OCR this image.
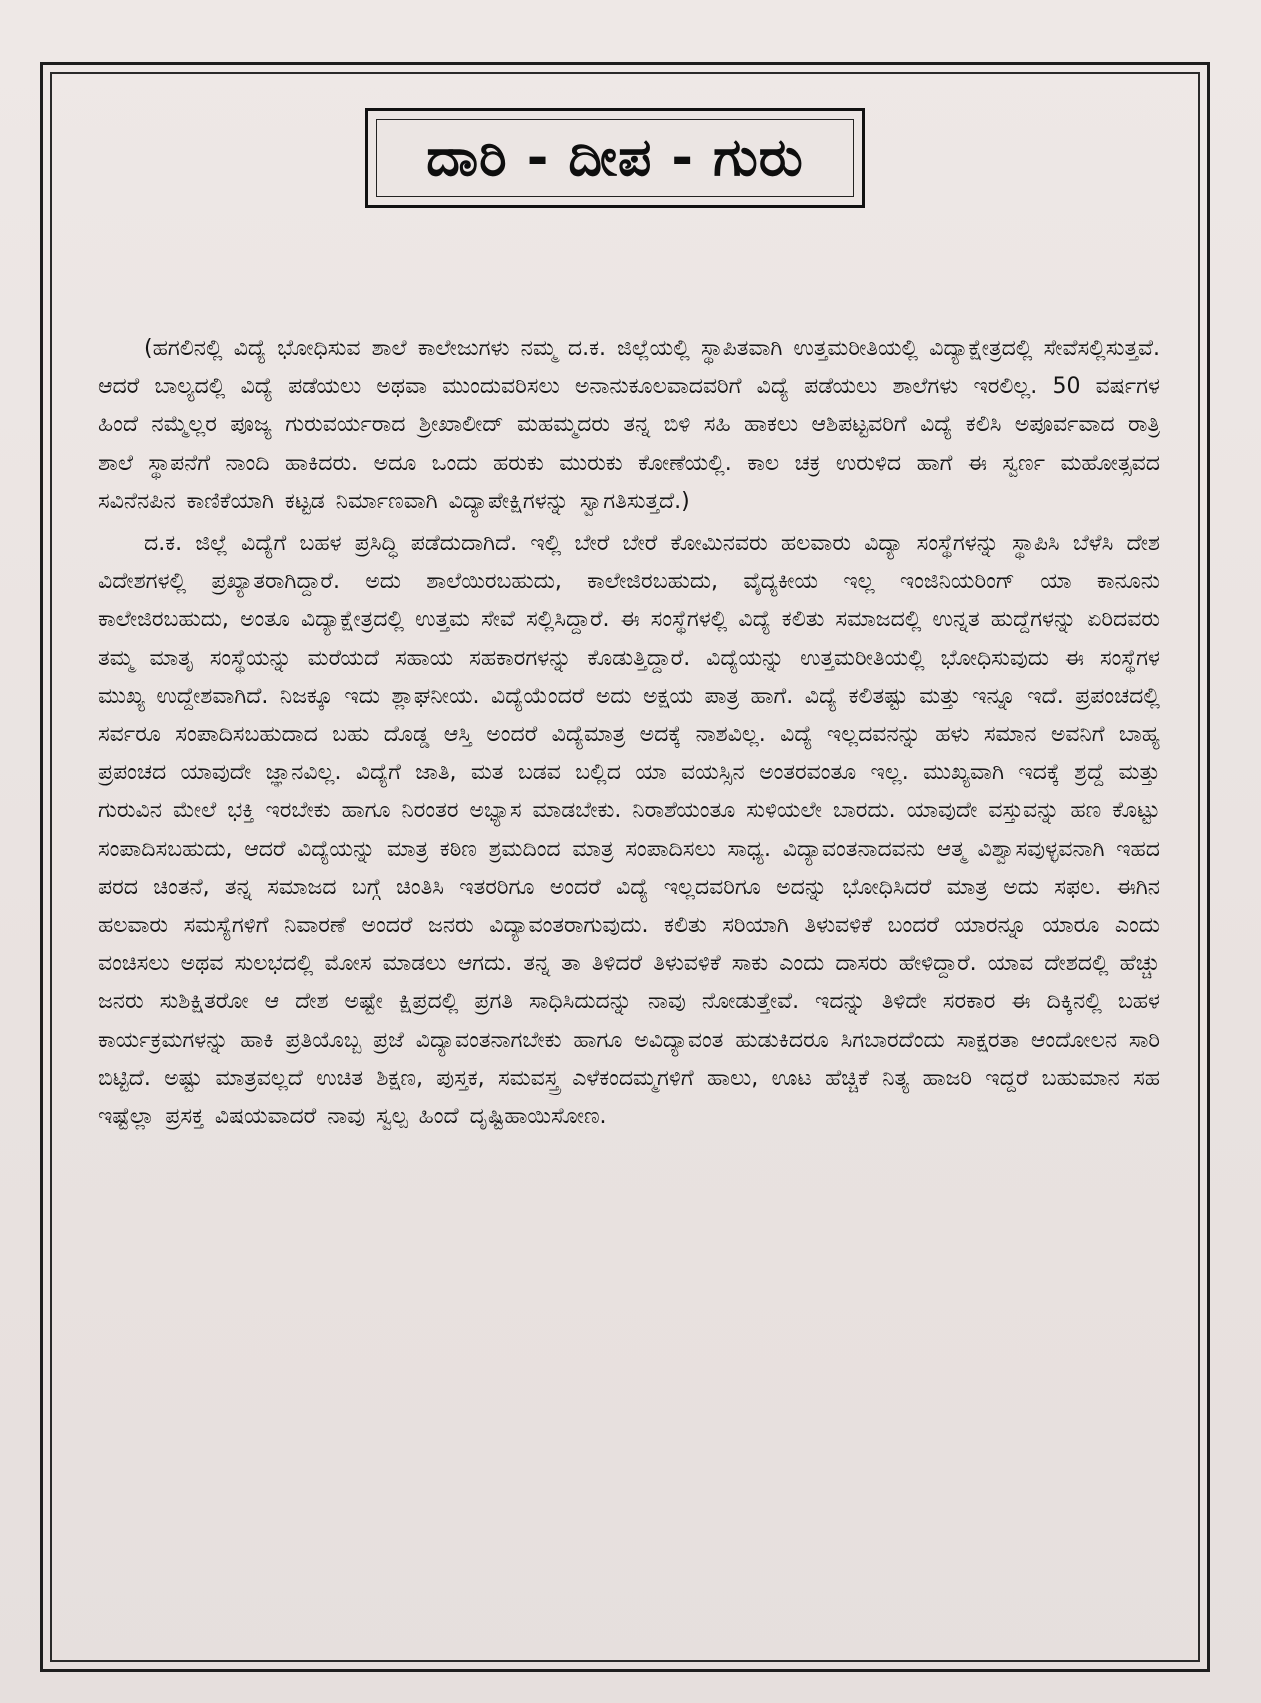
ದಾರಿ - ದೀಪ - ಗುರು

(ಹಗಲಿನಲ್ಲಿ ವಿದ್ಯೆ ಭೋಧಿಸುವ ಶಾಲೆ ಕಾಲೇಜುಗಳು ನಮ್ಮ ದ.ಕ. ಜಿಲ್ಲೆಯಲ್ಲಿ ಸ್ಥಾಪಿತವಾಗಿ ಉತ್ತಮರೀತಿಯಲ್ಲಿ ವಿದ್ಯಾಕ್ಷೇತ್ರದಲ್ಲಿ ಸೇವೆಸಲ್ಲಿಸುತ್ತವೆ. ಆದರೆ ಬಾಲ್ಯದಲ್ಲಿ ವಿದ್ಯೆ ಪಡೆಯಲು ಅಥವಾ ಮುಂದುವರಿಸಲು ಅನಾನುಕೂಲವಾದವರಿಗೆ ವಿದ್ಯೆ ಪಡೆಯಲು ಶಾಲೆಗಳು ಇರಲಿಲ್ಲ. 50 ವರ್ಷಗಳ ಹಿಂದೆ ನಮ್ಮೆಲ್ಲರ ಪೂಜ್ಯ ಗುರುವರ್ಯರಾದ ಶ್ರೀಖಾಲೀದ್ ಮಹಮ್ಮದರು ತನ್ನ ಬಿಳಿ ಸಹಿ ಹಾಕಲು ಆಶಿಪಟ್ಟವರಿಗೆ ವಿದ್ಯೆ ಕಲಿಸಿ ಅಪೂರ್ವವಾದ ರಾತ್ರಿ ಶಾಲೆ ಸ್ಥಾಪನೆಗೆ ನಾಂದಿ ಹಾಕಿದರು. ಅದೂ ಒಂದು ಹರುಕು ಮುರುಕು ಕೋಣೆಯಲ್ಲಿ. ಕಾಲ ಚಕ್ರ ಉರುಳಿದ ಹಾಗೆ ಈ ಸ್ವರ್ಣ ಮಹೋತ್ಸವದ ಸವಿನೆನಪಿನ ಕಾಣಿಕೆಯಾಗಿ ಕಟ್ಟಡ ನಿರ್ಮಾಣವಾಗಿ ವಿದ್ಯಾಪೇಕ್ಷಿಗಳನ್ನು ಸ್ವಾಗತಿಸುತ್ತದೆ.)

ದ.ಕ. ಜಿಲ್ಲೆ ವಿದ್ಯೆಗೆ ಬಹಳ ಪ್ರಸಿದ್ಧಿ ಪಡೆದುದಾಗಿದೆ. ಇಲ್ಲಿ ಬೇರೆ ಬೇರೆ ಕೋಮಿನವರು ಹಲವಾರು ವಿದ್ಯಾ ಸಂಸ್ಥೆಗಳನ್ನು ಸ್ಥಾಪಿಸಿ ಬೆಳೆಸಿ ದೇಶ ವಿದೇಶಗಳಲ್ಲಿ ಪ್ರಖ್ಯಾತರಾಗಿದ್ದಾರೆ. ಅದು ಶಾಲೆಯಿರಬಹುದು, ಕಾಲೇಜಿರಬಹುದು, ವೈದ್ಯಕೀಯ ಇಲ್ಲ ಇಂಜಿನಿಯರಿಂಗ್ ಯಾ ಕಾನೂನು ಕಾಲೇಜಿರಬಹುದು, ಅಂತೂ ವಿದ್ಯಾಕ್ಷೇತ್ರದಲ್ಲಿ ಉತ್ತಮ ಸೇವೆ ಸಲ್ಲಿಸಿದ್ದಾರೆ. ಈ ಸಂಸ್ಥೆಗಳಲ್ಲಿ ವಿದ್ಯೆ ಕಲಿತು ಸಮಾಜದಲ್ಲಿ ಉನ್ನತ ಹುದ್ದೆಗಳನ್ನು ಏರಿದವರು ತಮ್ಮ ಮಾತೃ ಸಂಸ್ಥೆಯನ್ನು ಮರೆಯದೆ ಸಹಾಯ ಸಹಕಾರಗಳನ್ನು ಕೊಡುತ್ತಿದ್ದಾರೆ. ವಿದ್ಯೆಯನ್ನು ಉತ್ತಮರೀತಿಯಲ್ಲಿ ಭೋಧಿಸುವುದು ಈ ಸಂಸ್ಥೆಗಳ ಮುಖ್ಯ ಉದ್ದೇಶವಾಗಿದೆ. ನಿಜಕ್ಕೂ ಇದು ಶ್ಲಾಘನೀಯ. ವಿದ್ಯೆಯೆಂದರೆ ಅದು ಅಕ್ಷಯ ಪಾತ್ರ ಹಾಗೆ. ವಿದ್ಯೆ ಕಲಿತಷ್ಟು ಮತ್ತು ಇನ್ನೂ ಇದೆ. ಪ್ರಪಂಚದಲ್ಲಿ ಸರ್ವರೂ ಸಂಪಾದಿಸಬಹುದಾದ ಬಹು ದೊಡ್ಡ ಆಸ್ತಿ ಅಂದರೆ ವಿದ್ಯೆಮಾತ್ರ ಅದಕ್ಕೆ ನಾಶವಿಲ್ಲ. ವಿದ್ಯೆ ಇಲ್ಲದವನನ್ನು ಹಳು ಸಮಾನ ಅವನಿಗೆ ಬಾಹ್ಯ ಪ್ರಪಂಚದ ಯಾವುದೇ ಜ್ಞಾನವಿಲ್ಲ. ವಿದ್ಯೆಗೆ ಜಾತಿ, ಮತ ಬಡವ ಬಲ್ಲಿದ ಯಾ ವಯಸ್ಸಿನ ಅಂತರವಂತೂ ಇಲ್ಲ. ಮುಖ್ಯವಾಗಿ ಇದಕ್ಕೆ ಶ್ರದ್ದೆ ಮತ್ತು ಗುರುವಿನ ಮೇಲೆ ಭಕ್ತಿ ಇರಬೇಕು ಹಾಗೂ ನಿರಂತರ ಅಭ್ಯಾಸ ಮಾಡಬೇಕು. ನಿರಾಶೆಯಂತೂ ಸುಳಿಯಲೇ ಬಾರದು. ಯಾವುದೇ ವಸ್ತುವನ್ನು ಹಣ ಕೊಟ್ಟು ಸಂಪಾದಿಸಬಹುದು, ಆದರೆ ವಿದ್ಯೆಯನ್ನು ಮಾತ್ರ ಕಠಿಣ ಶ್ರಮದಿಂದ ಮಾತ್ರ ಸಂಪಾದಿಸಲು ಸಾಧ್ಯ. ವಿದ್ಯಾವಂತನಾದವನು ಆತ್ಮ ವಿಶ್ವಾಸವುಳ್ಳವನಾಗಿ ಇಹದ ಪರದ ಚಿಂತನೆ, ತನ್ನ ಸಮಾಜದ ಬಗ್ಗೆ ಚಿಂತಿಸಿ ಇತರರಿಗೂ ಅಂದರೆ ವಿದ್ಯೆ ಇಲ್ಲದವರಿಗೂ ಅದನ್ನು ಭೋಧಿಸಿದರೆ ಮಾತ್ರ ಅದು ಸಫಲ. ಈಗಿನ ಹಲವಾರು ಸಮಸ್ಯೆಗಳಿಗೆ ನಿವಾರಣೆ ಅಂದರೆ ಜನರು ವಿದ್ಯಾವಂತರಾಗುವುದು. ಕಲಿತು ಸರಿಯಾಗಿ ತಿಳುವಳಿಕೆ ಬಂದರೆ ಯಾರನ್ನೂ ಯಾರೂ ಎಂದು ವಂಚಿಸಲು ಅಥವ ಸುಲಭದಲ್ಲಿ ಮೋಸ ಮಾಡಲು ಆಗದು. ತನ್ನ ತಾ ತಿಳಿದರೆ ತಿಳುವಳಿಕೆ ಸಾಕು ಎಂದು ದಾಸರು ಹೇಳಿದ್ದಾರೆ. ಯಾವ ದೇಶದಲ್ಲಿ ಹೆಚ್ಚು ಜನರು ಸುಶಿಕ್ಷಿತರೋ ಆ ದೇಶ ಅಷ್ಟೇ ಕ್ಷಿಪ್ರದಲ್ಲಿ ಪ್ರಗತಿ ಸಾಧಿಸಿದುದನ್ನು ನಾವು ನೋಡುತ್ತೇವೆ. ಇದನ್ನು ತಿಳಿದೇ ಸರಕಾರ ಈ ದಿಕ್ಕಿನಲ್ಲಿ ಬಹಳ ಕಾರ್ಯಕ್ರಮಗಳನ್ನು ಹಾಕಿ ಪ್ರತಿಯೊಬ್ಬ ಪ್ರಜೆ ವಿದ್ಯಾವಂತನಾಗಬೇಕು ಹಾಗೂ ಅವಿದ್ಯಾವಂತ ಹುಡುಕಿದರೂ ಸಿಗಬಾರದೆಂದು ಸಾಕ್ಷರತಾ ಆಂದೋಲನ ಸಾರಿ ಬಿಟ್ಟಿದೆ. ಅಷ್ಟು ಮಾತ್ರವಲ್ಲದೆ ಉಚಿತ ಶಿಕ್ಷಣ, ಪುಸ್ತಕ, ಸಮವಸ್ತ್ರ ಎಳೆಕಂದಮ್ಮಗಳಿಗೆ ಹಾಲು, ಊಟ ಹೆಚ್ಚಿಕೆ ನಿತ್ಯ ಹಾಜರಿ ಇದ್ದರೆ ಬಹುಮಾನ ಸಹ ಇಷ್ಟೆಲ್ಲಾ ಪ್ರಸಕ್ತ ವಿಷಯವಾದರೆ ನಾವು ಸ್ವಲ್ಪ ಹಿಂದೆ ದೃಷ್ಟಿಹಾಯಿಸೋಣ.
